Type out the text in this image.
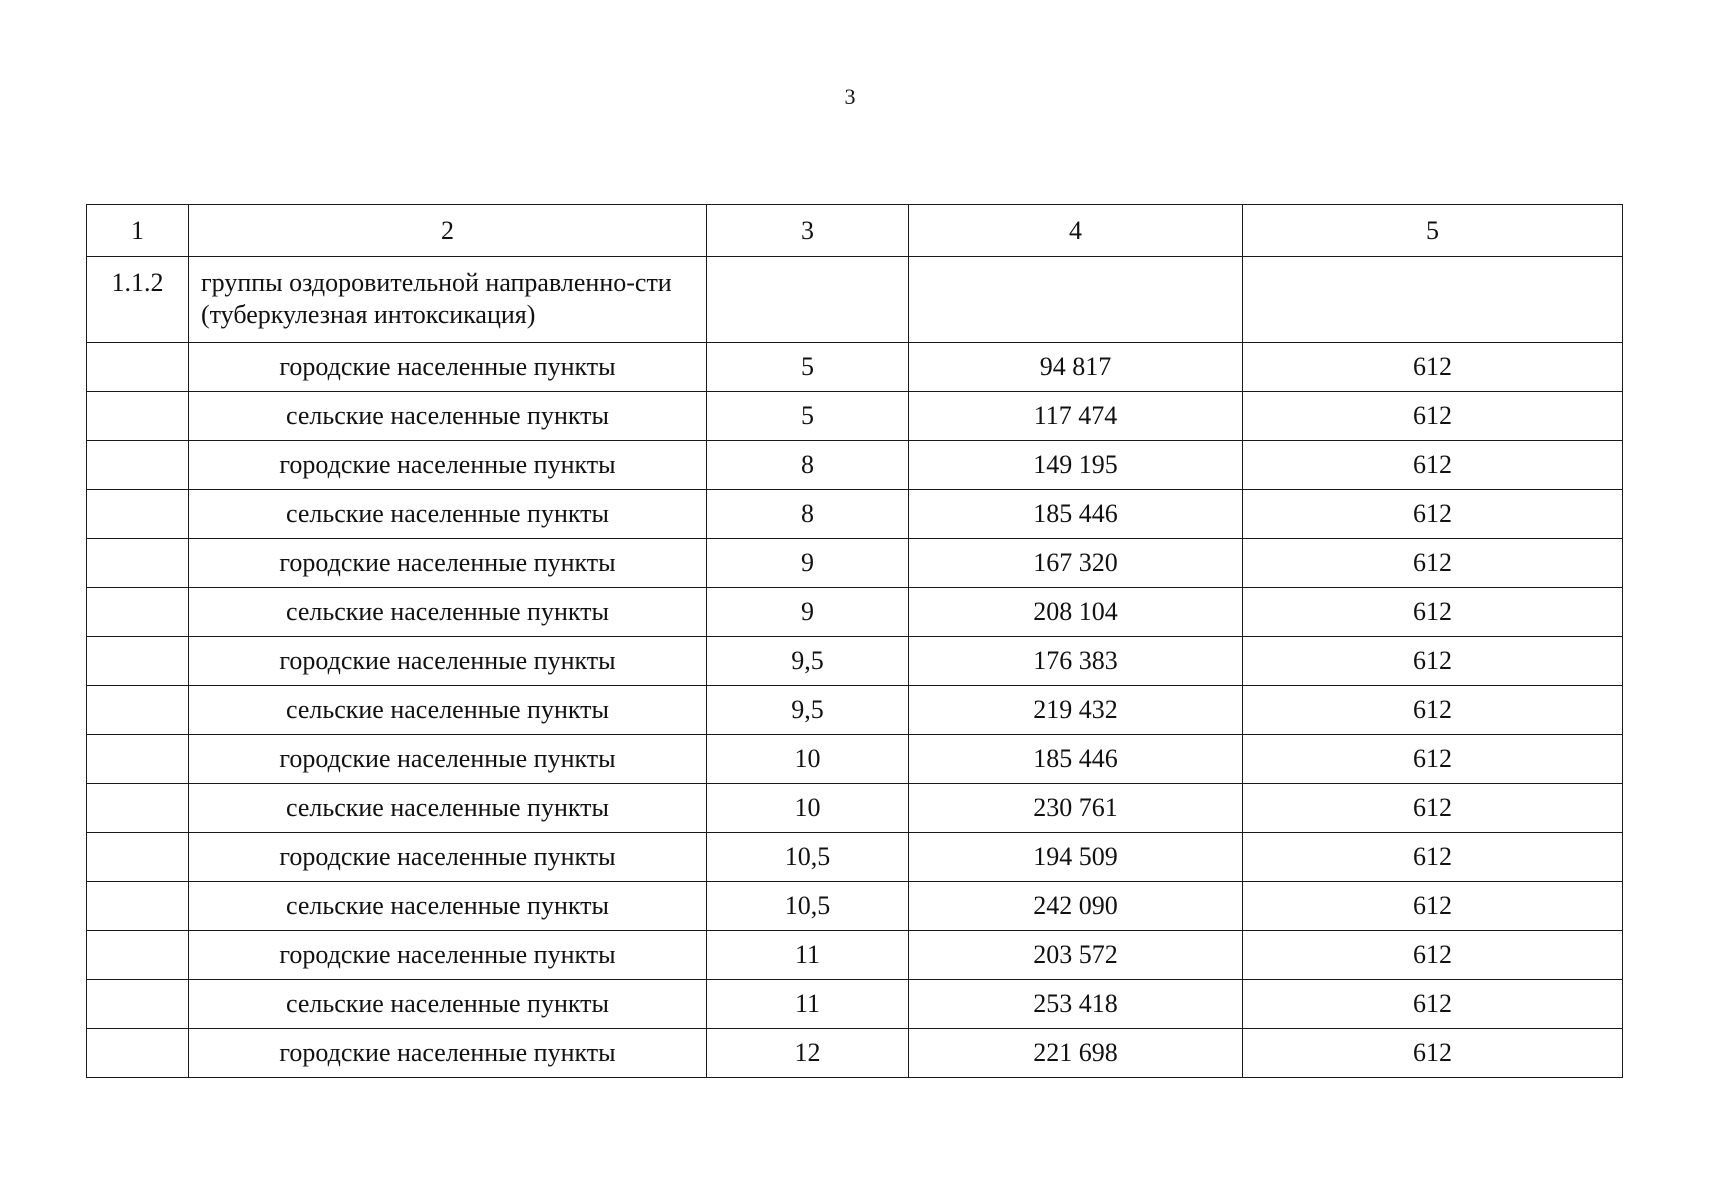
3
1	2	3	4	5
1.1.2	группы оздоровительной направленно-сти (туберкулезная интоксикация)			
	городские населенные пункты	5	94 817	612
	сельские населенные пункты	5	117 474	612
	городские населенные пункты	8	149 195	612
	сельские населенные пункты	8	185 446	612
	городские населенные пункты	9	167 320	612
	сельские населенные пункты	9	208 104	612
	городские населенные пункты	9,5	176 383	612
	сельские населенные пункты	9,5	219 432	612
	городские населенные пункты	10	185 446	612
	сельские населенные пункты	10	230 761	612
	городские населенные пункты	10,5	194 509	612
	сельские населенные пункты	10,5	242 090	612
	городские населенные пункты	11	203 572	612
	сельские населенные пункты	11	253 418	612
	городские населенные пункты	12	221 698	612
